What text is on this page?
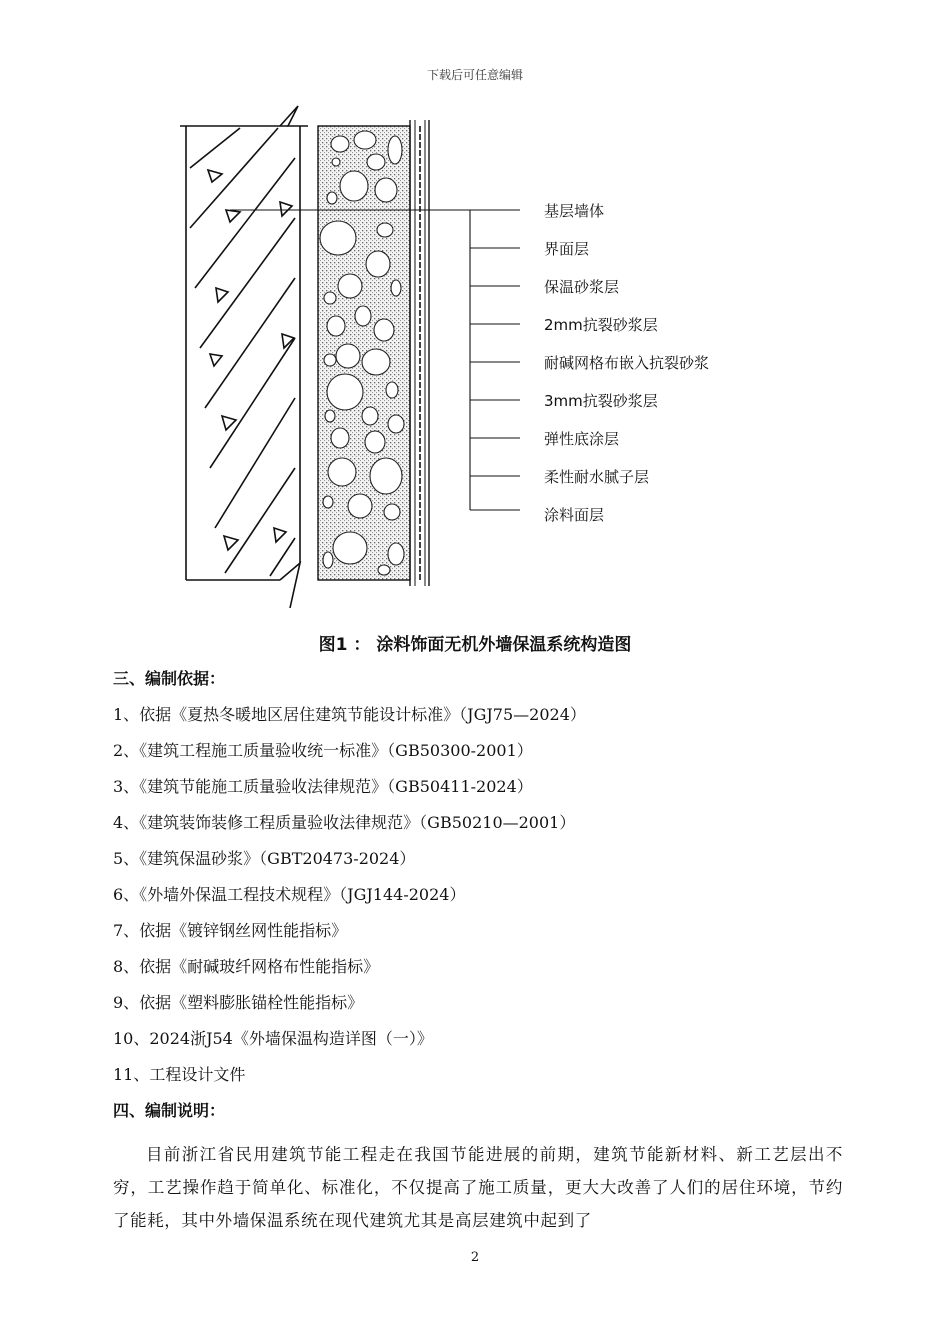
下载后可任意编辑
基层墙体
界面层
保温砂浆层
2mm抗裂砂浆层
耐碱网格布嵌入抗裂砂浆
3mm抗裂砂浆层
弹性底涂层
柔性耐水腻子层
涂料面层
图1 ： 涂料饰面无机外墙保温系统构造图
三、编制依据：
1、依据《夏热冬暖地区居住建筑节能设计标准》（JGJ75—2024）
2、《建筑工程施工质量验收统一标准》（GB50300-2001）
3、《建筑节能施工质量验收法律规范》（GB50411-2024）
4、《建筑装饰装修工程质量验收法律规范》（GB50210—2001）
5、《建筑保温砂浆》（GBT20473-2024）
6、《外墙外保温工程技术规程》（JGJ144-2024）
7、依据《镀锌钢丝网性能指标》
8、依据《耐碱玻纤网格布性能指标》
9、依据《塑料膨胀锚栓性能指标》
10、2024浙J54《外墙保温构造详图（一）》
11、工程设计文件
四、编制说明：
目前浙江省民用建筑节能工程走在我国节能进展的前期，建筑节能新材料、新工艺层出不穷，工艺操作趋于简单化、标准化，不仅提高了施工质量，更大大改善了人们的居住环境，节约了能耗，其中外墙保温系统在现代建筑尤其是高层建筑中起到了
2
